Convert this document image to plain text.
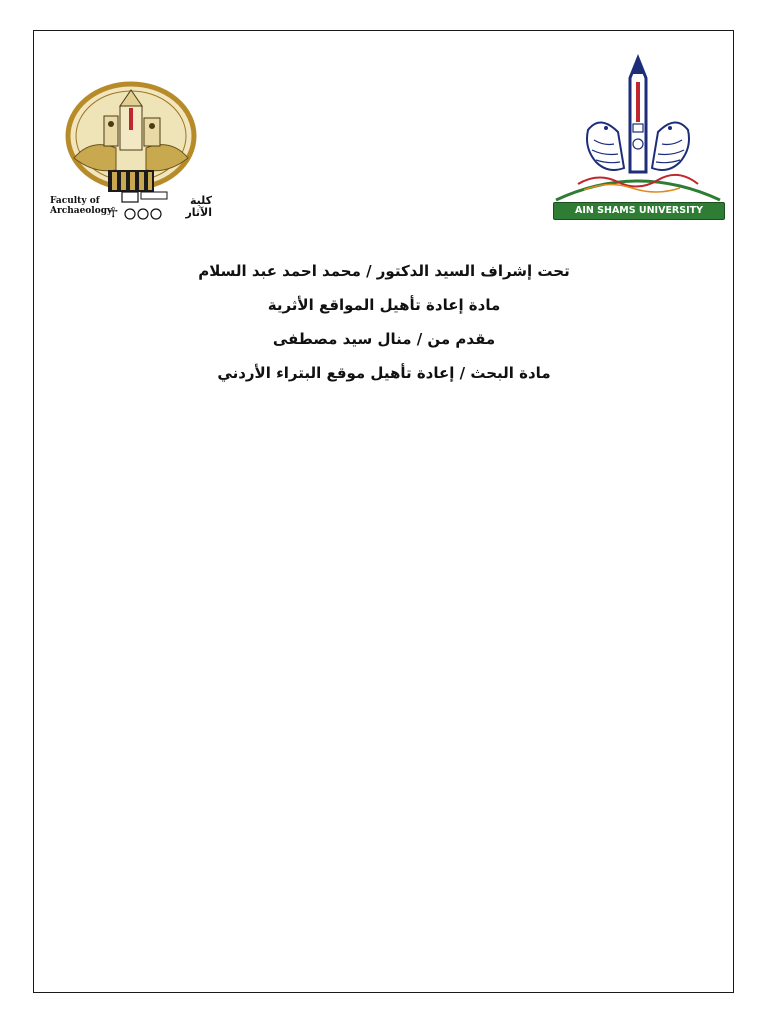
☥
Faculty of
Archaeology
كلية
الآثار	AIN SHAMS UNIVERSITY
تحت إشراف السيد الدكتور / محمد احمد عبد السلام
مادة إعادة تأهيل المواقع الأثرية
مقدم من / منال سيد مصطفى
مادة البحث / إعادة تأهيل موقع البتراء الأردني
